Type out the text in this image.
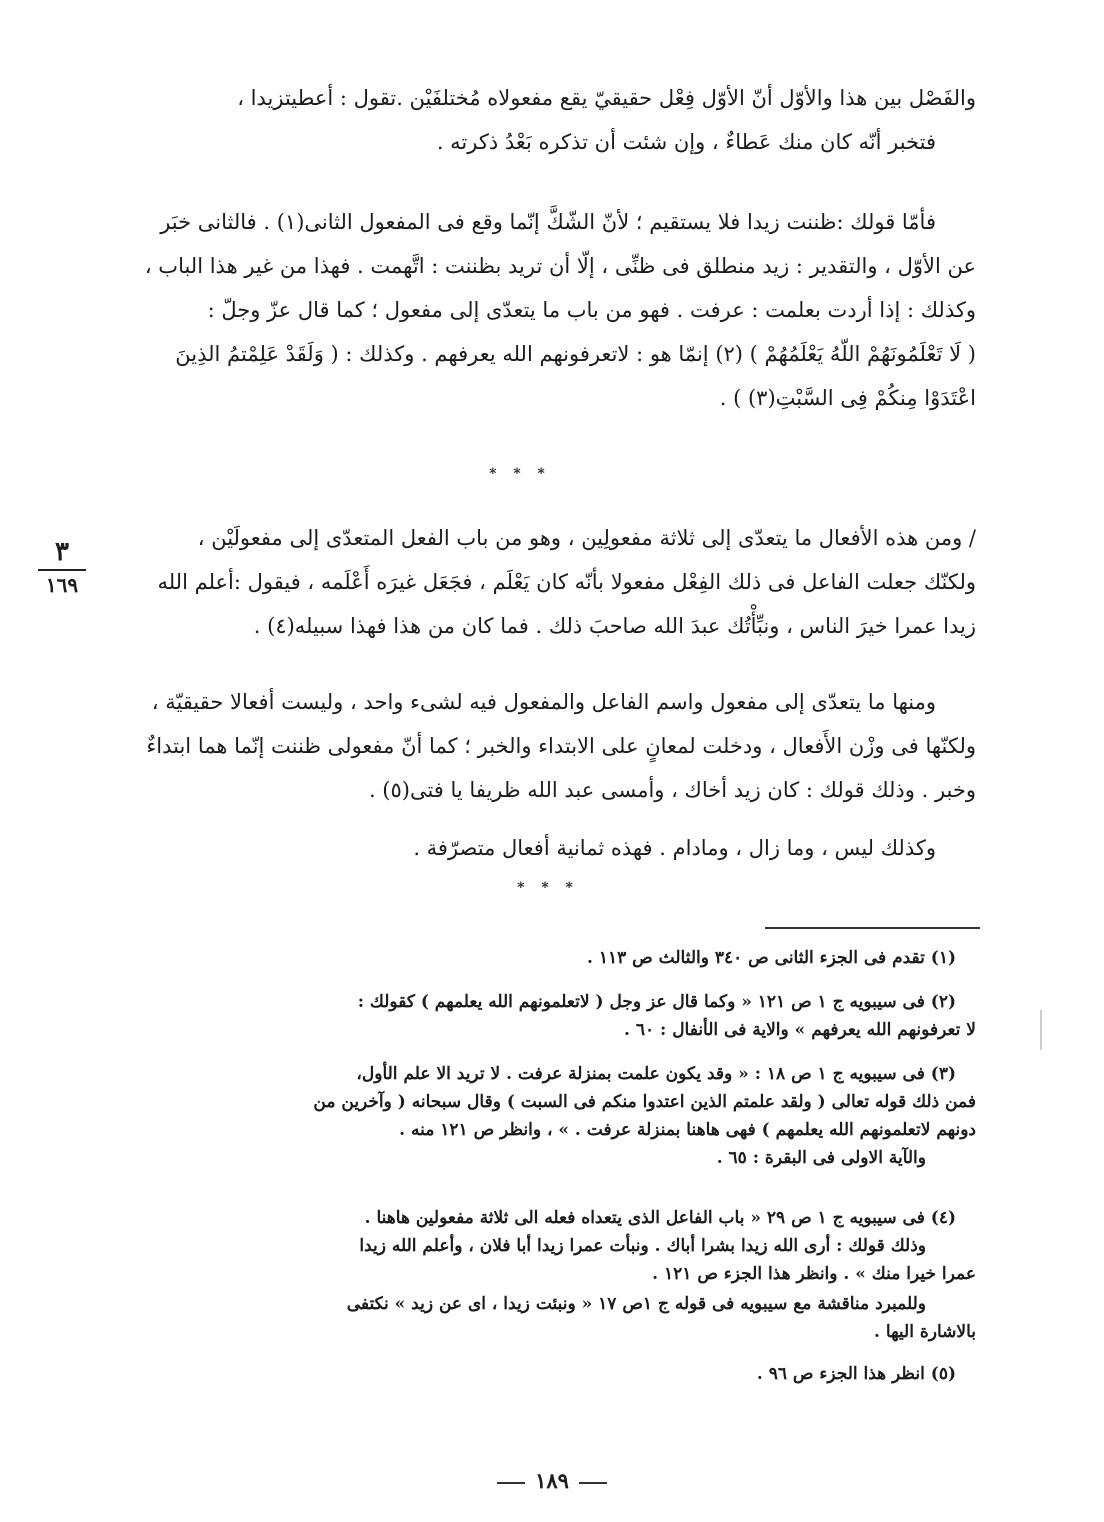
والفَصْل بين هذا والأوّل أنّ الأوّل فِعْل حقيقيّ يقع مفعولاه مُختلفَيْن .تقول : أعطيتزيدا ،
فتخبر أنّه كان منك عَطاءٌ ، وإن شئت أن تذكره بَعْدُ ذكرته .
فأمّا قولك :ظننت زيدا فلا يستقيم ؛ لأنّ الشّكَّ إنّما وقع فى المفعول الثانى(١) . فالثانى خبَر
عن الأوّل ، والتقدير : زيد منطلق فى ظنِّى ، إلّا أن تريد بظننت : اتَّهمت . فهذا من غير هذا الباب ،
وكذلك : إذا أردت بعلمت : عرفت . فهو من باب ما يتعدّى إلى مفعول ؛ كما قال عزّ وجلّ :
( لَا تَعْلَمُونَهُمْ اللّهُ يَعْلَمُهُمْ ) (٢) إنمّا هو : لاتعرفونهم الله يعرفهم . وكذلك : ( وَلَقَدْ عَلِمْتمُ الذِينَ
اعْتَدَوْا مِنكُمْ فِى السَّبْتِ(٣) ) .
* * *
/ ومن هذه الأفعال ما يتعدّى إلى ثلاثة مفعولِين ، وهو من باب الفعل المتعدّى إلى مفعولَيْن ،
ولكنّك جعلت الفاعل فى ذلك الفِعْل مفعولا بأنّه كان يَعْلَم ، فجَعَل غيرَه أَعْلَمه ، فيقول :أعلم الله
زيدا عمرا خيرَ الناس ، ونبِّأْتُك عبدَ الله صاحبَ ذلك . فما كان من هذا فهذا سبيله(٤) .
ومنها ما يتعدّى إلى مفعول واسم الفاعل والمفعول فيه لشىء واحد ، وليست أفعالا حقيقيّة ،
ولكنّها فى وزْن الأَفعال ، ودخلت لمعانٍ على الابتداء والخبر ؛ كما أنّ مفعولى ظننت إنّما هما ابتداءٌ
وخبر . وذلك قولك : كان زيد أخاك ، وأمسى عبد الله ظريفا يا فتى(٥) .
وكذلك ليس ، وما زال ، ومادام . فهذه ثمانية أفعال متصرّفة .
* * *
٣
١٦٩
(١) تقدم فى الجزء الثانى ص ٣٤٠ والثالث ص ١١٣ .
(٢) فى سيبويه ج ١ ص ١٢١ « وكما قال عز وجل ( لاتعلمونهم الله يعلمهم ) كقولك :
لا تعرفونهم الله يعرفهم » والاية فى الأنفال : ٦٠ .
(٣) فى سيبويه ج ١ ص ١٨ : « وقد يكون علمت بمنزلة عرفت . لا تريد الا علم الأول،
فمن ذلك قوله تعالى ( ولقد علمتم الذين اعتدوا منكم فى السبت ) وقال سبحانه ( وآخرين من
دونهم لاتعلمونهم الله يعلمهم ) فهى هاهنا بمنزلة عرفت . » ، وانظر ص ١٢١ منه .
والآية الاولى فى البقرة : ٦٥ .
(٤) فى سيبويه ج ١ ص ٢٩ « باب الفاعل الذى يتعداه فعله الى ثلاثة مفعولين هاهنا .
وذلك قولك : أرى الله زيدا بشرا أباك . ونبأت عمرا زيدا أبا فلان ، وأعلم الله زيدا
عمرا خيرا منك » . وانظر هذا الجزء ص ١٢١ .
وللمبرد مناقشة مع سيبويه فى قوله ج ١ص ١٧ « ونبئت زيدا ، اى عن زيد » نكتفى
بالاشارة اليها .
(٥) انظر هذا الجزء ص ٩٦ .
١٨٩
